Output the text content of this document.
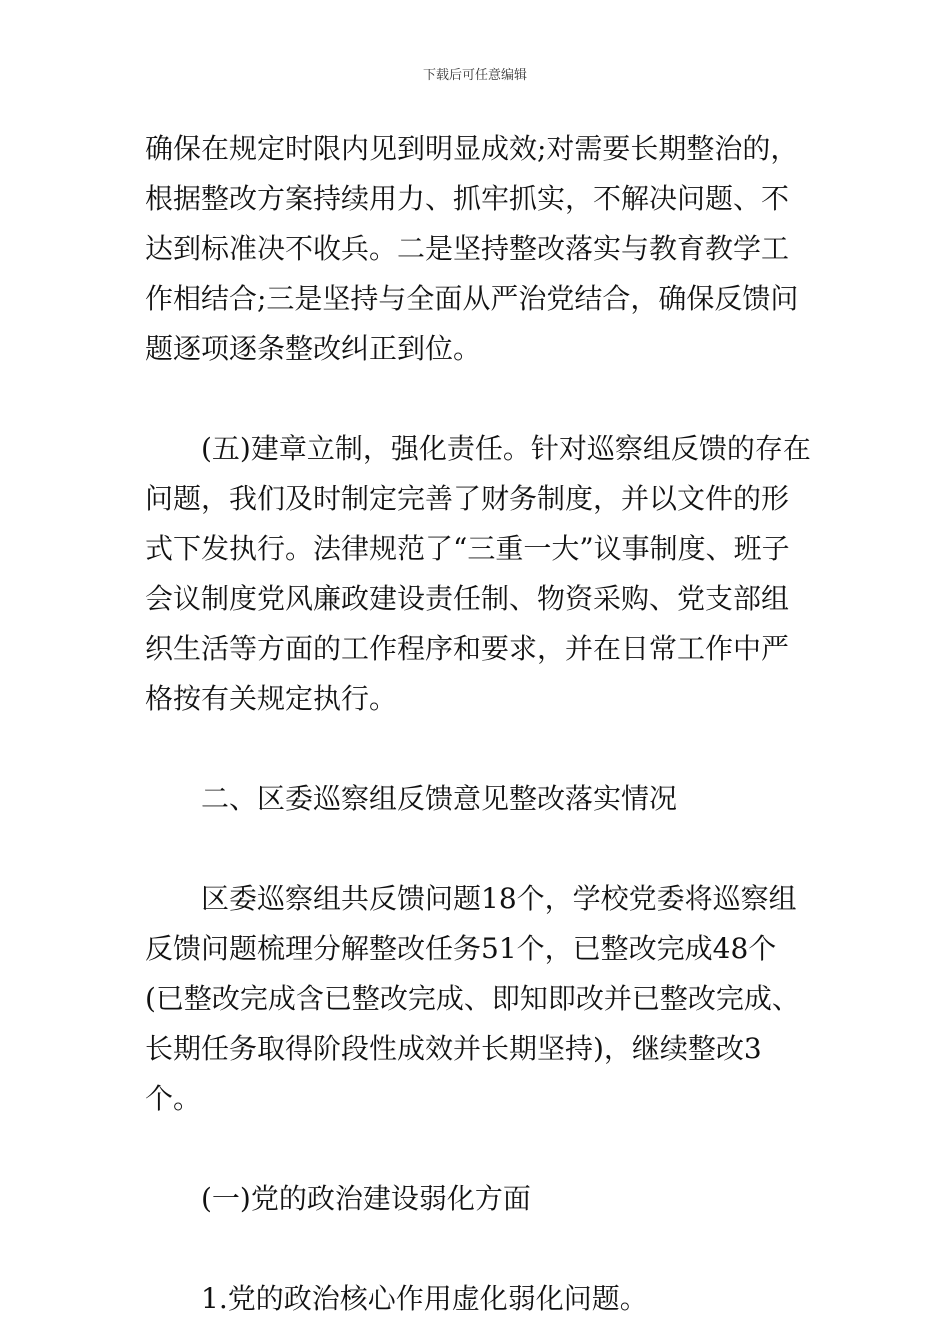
下载后可任意编辑

确保在规定时限内见到明显成效;对需要长期整治的，根据整改方案持续用力、抓牢抓实，不解决问题、不达到标准决不收兵。二是坚持整改落实与教育教学工作相结合;三是坚持与全面从严治党结合，确保反馈问题逐项逐条整改纠正到位。

(五)建章立制，强化责任。针对巡察组反馈的存在问题，我们及时制定完善了财务制度，并以文件的形式下发执行。法律规范了“三重一大”议事制度、班子会议制度党风廉政建设责任制、物资采购、党支部组织生活等方面的工作程序和要求，并在日常工作中严格按有关规定执行。

二、区委巡察组反馈意见整改落实情况

区委巡察组共反馈问题18个，学校党委将巡察组反馈问题梳理分解整改任务51个，已整改完成48个(已整改完成含已整改完成、即知即改并已整改完成、长期任务取得阶段性成效并长期坚持)，继续整改3个。

(一)党的政治建设弱化方面

1.党的政治核心作用虚化弱化问题。
